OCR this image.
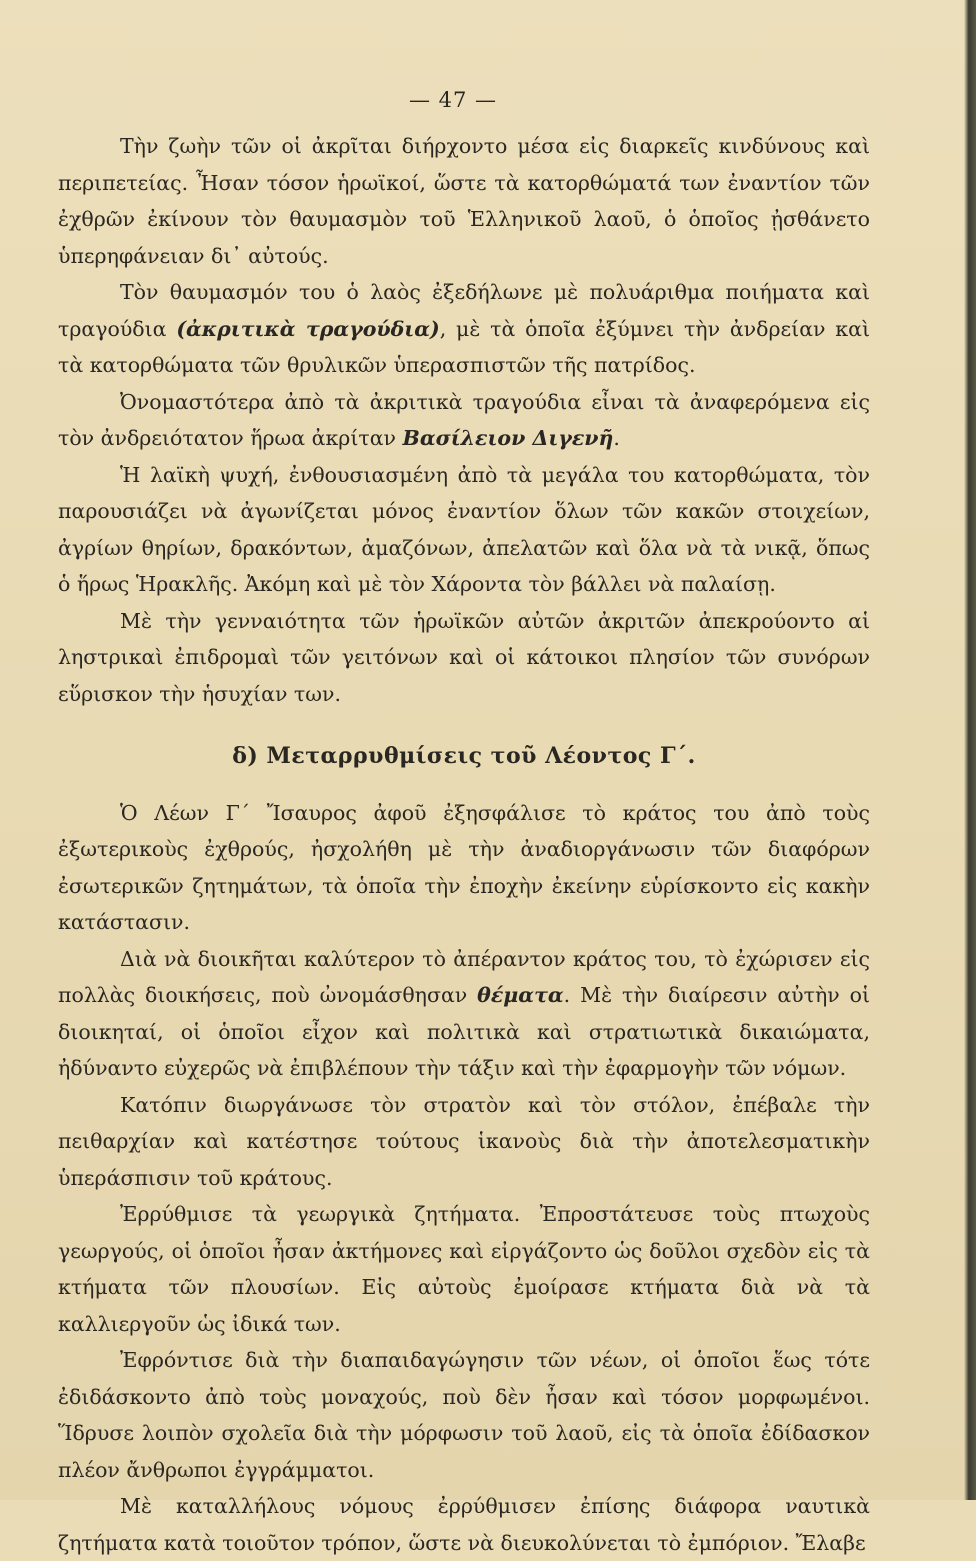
— 47 —

Τὴν ζωὴν τῶν οἱ ἀκρῖται διήρχοντο μέσα εἰς διαρκεῖς κινδύνους καὶ περιπετείας. Ἦσαν τόσον ἡρωϊκοί, ὥστε τὰ κατορθώματά των ἐναντίον τῶν ἐχθρῶν ἐκίνουν τὸν θαυμασμὸν τοῦ Ἑλληνικοῦ λαοῦ, ὁ ὁποῖος ᾐσθάνετο ὑπερηφάνειαν δι᾽ αὐτούς.

Τὸν θαυμασμόν του ὁ λαὸς ἐξεδήλωνε μὲ πολυάριθμα ποιήματα καὶ τραγούδια (ἀκριτικὰ τραγούδια), μὲ τὰ ὁποῖα ἐξύμνει τὴν ἀνδρείαν καὶ τὰ κατορθώματα τῶν θρυλικῶν ὑπερασπιστῶν τῆς πατρίδος.

Ὀνομαστότερα ἀπὸ τὰ ἀκριτικὰ τραγούδια εἶναι τὰ ἀναφερόμενα εἰς τὸν ἀνδρειότατον ἥρωα ἀκρίταν Βασίλειον Διγενῆ.

Ἡ λαϊκὴ ψυχή, ἐνθουσιασμένη ἀπὸ τὰ μεγάλα του κατορθώματα, τὸν παρουσιάζει νὰ ἀγωνίζεται μόνος ἐναντίον ὅλων τῶν κακῶν στοιχείων, ἀγρίων θηρίων, δρακόντων, ἀμαζόνων, ἀπελατῶν καὶ ὅλα νὰ τὰ νικᾷ, ὅπως ὁ ἥρως Ἡρακλῆς. Ἀκόμη καὶ μὲ τὸν Χάροντα τὸν βάλλει νὰ παλαίσῃ.

Μὲ τὴν γενναιότητα τῶν ἡρωϊκῶν αὐτῶν ἀκριτῶν ἀπεκρούοντο αἱ ληστρικαὶ ἐπιδρομαὶ τῶν γειτόνων καὶ οἱ κάτοικοι πλησίον τῶν συνόρων εὕρισκον τὴν ἡσυχίαν των.

δ) Μεταρρυθμίσεις τοῦ Λέοντος Γ΄.

Ὁ Λέων Γ΄ Ἴσαυρος ἀφοῦ ἐξησφάλισε τὸ κράτος του ἀπὸ τοὺς ἐξωτερικοὺς ἐχθρούς, ἠσχολήθη μὲ τὴν ἀναδιοργάνωσιν τῶν διαφόρων ἐσωτερικῶν ζητημάτων, τὰ ὁποῖα τὴν ἐποχὴν ἐκείνην εὑρίσκοντο εἰς κακὴν κατάστασιν.

Διὰ νὰ διοικῆται καλύτερον τὸ ἀπέραντον κράτος του, τὸ ἐχώρισεν εἰς πολλὰς διοικήσεις, ποὺ ὠνομάσθησαν θέματα. Μὲ τὴν διαίρεσιν αὐτὴν οἱ διοικηταί, οἱ ὁποῖοι εἶχον καὶ πολιτικὰ καὶ στρατιωτικὰ δικαιώματα, ἠδύναντο εὐχερῶς νὰ ἐπιβλέπουν τὴν τάξιν καὶ τὴν ἐφαρμογὴν τῶν νόμων.

Κατόπιν διωργάνωσε τὸν στρατὸν καὶ τὸν στόλον, ἐπέβαλε τὴν πειθαρχίαν καὶ κατέστησε τούτους ἱκανοὺς διὰ τὴν ἀποτελεσματικὴν ὑπεράσπισιν τοῦ κράτους.

Ἐρρύθμισε τὰ γεωργικὰ ζητήματα. Ἐπροστάτευσε τοὺς πτωχοὺς γεωργούς, οἱ ὁποῖοι ἦσαν ἀκτήμονες καὶ εἰργάζοντο ὡς δοῦλοι σχεδὸν εἰς τὰ κτήματα τῶν πλουσίων. Εἰς αὐτοὺς ἐμοίρασε κτήματα διὰ νὰ τὰ καλλιεργοῦν ὡς ἰδικά των.

Ἐφρόντισε διὰ τὴν διαπαιδαγώγησιν τῶν νέων, οἱ ὁποῖοι ἕως τότε ἐδιδάσκοντο ἀπὸ τοὺς μοναχούς, ποὺ δὲν ἦσαν καὶ τόσον μορφωμένοι. Ἵδρυσε λοιπὸν σχολεῖα διὰ τὴν μόρφωσιν τοῦ λαοῦ, εἰς τὰ ὁποῖα ἐδίδασκον πλέον ἄνθρωποι ἐγγράμματοι.

Μὲ καταλλήλους νόμους ἐρρύθμισεν ἐπίσης διάφορα ναυτικὰ ζητήματα κατὰ τοιοῦτον τρόπον, ὥστε νὰ διευκολύνεται τὸ ἐμπόριον. Ἔλαβε
